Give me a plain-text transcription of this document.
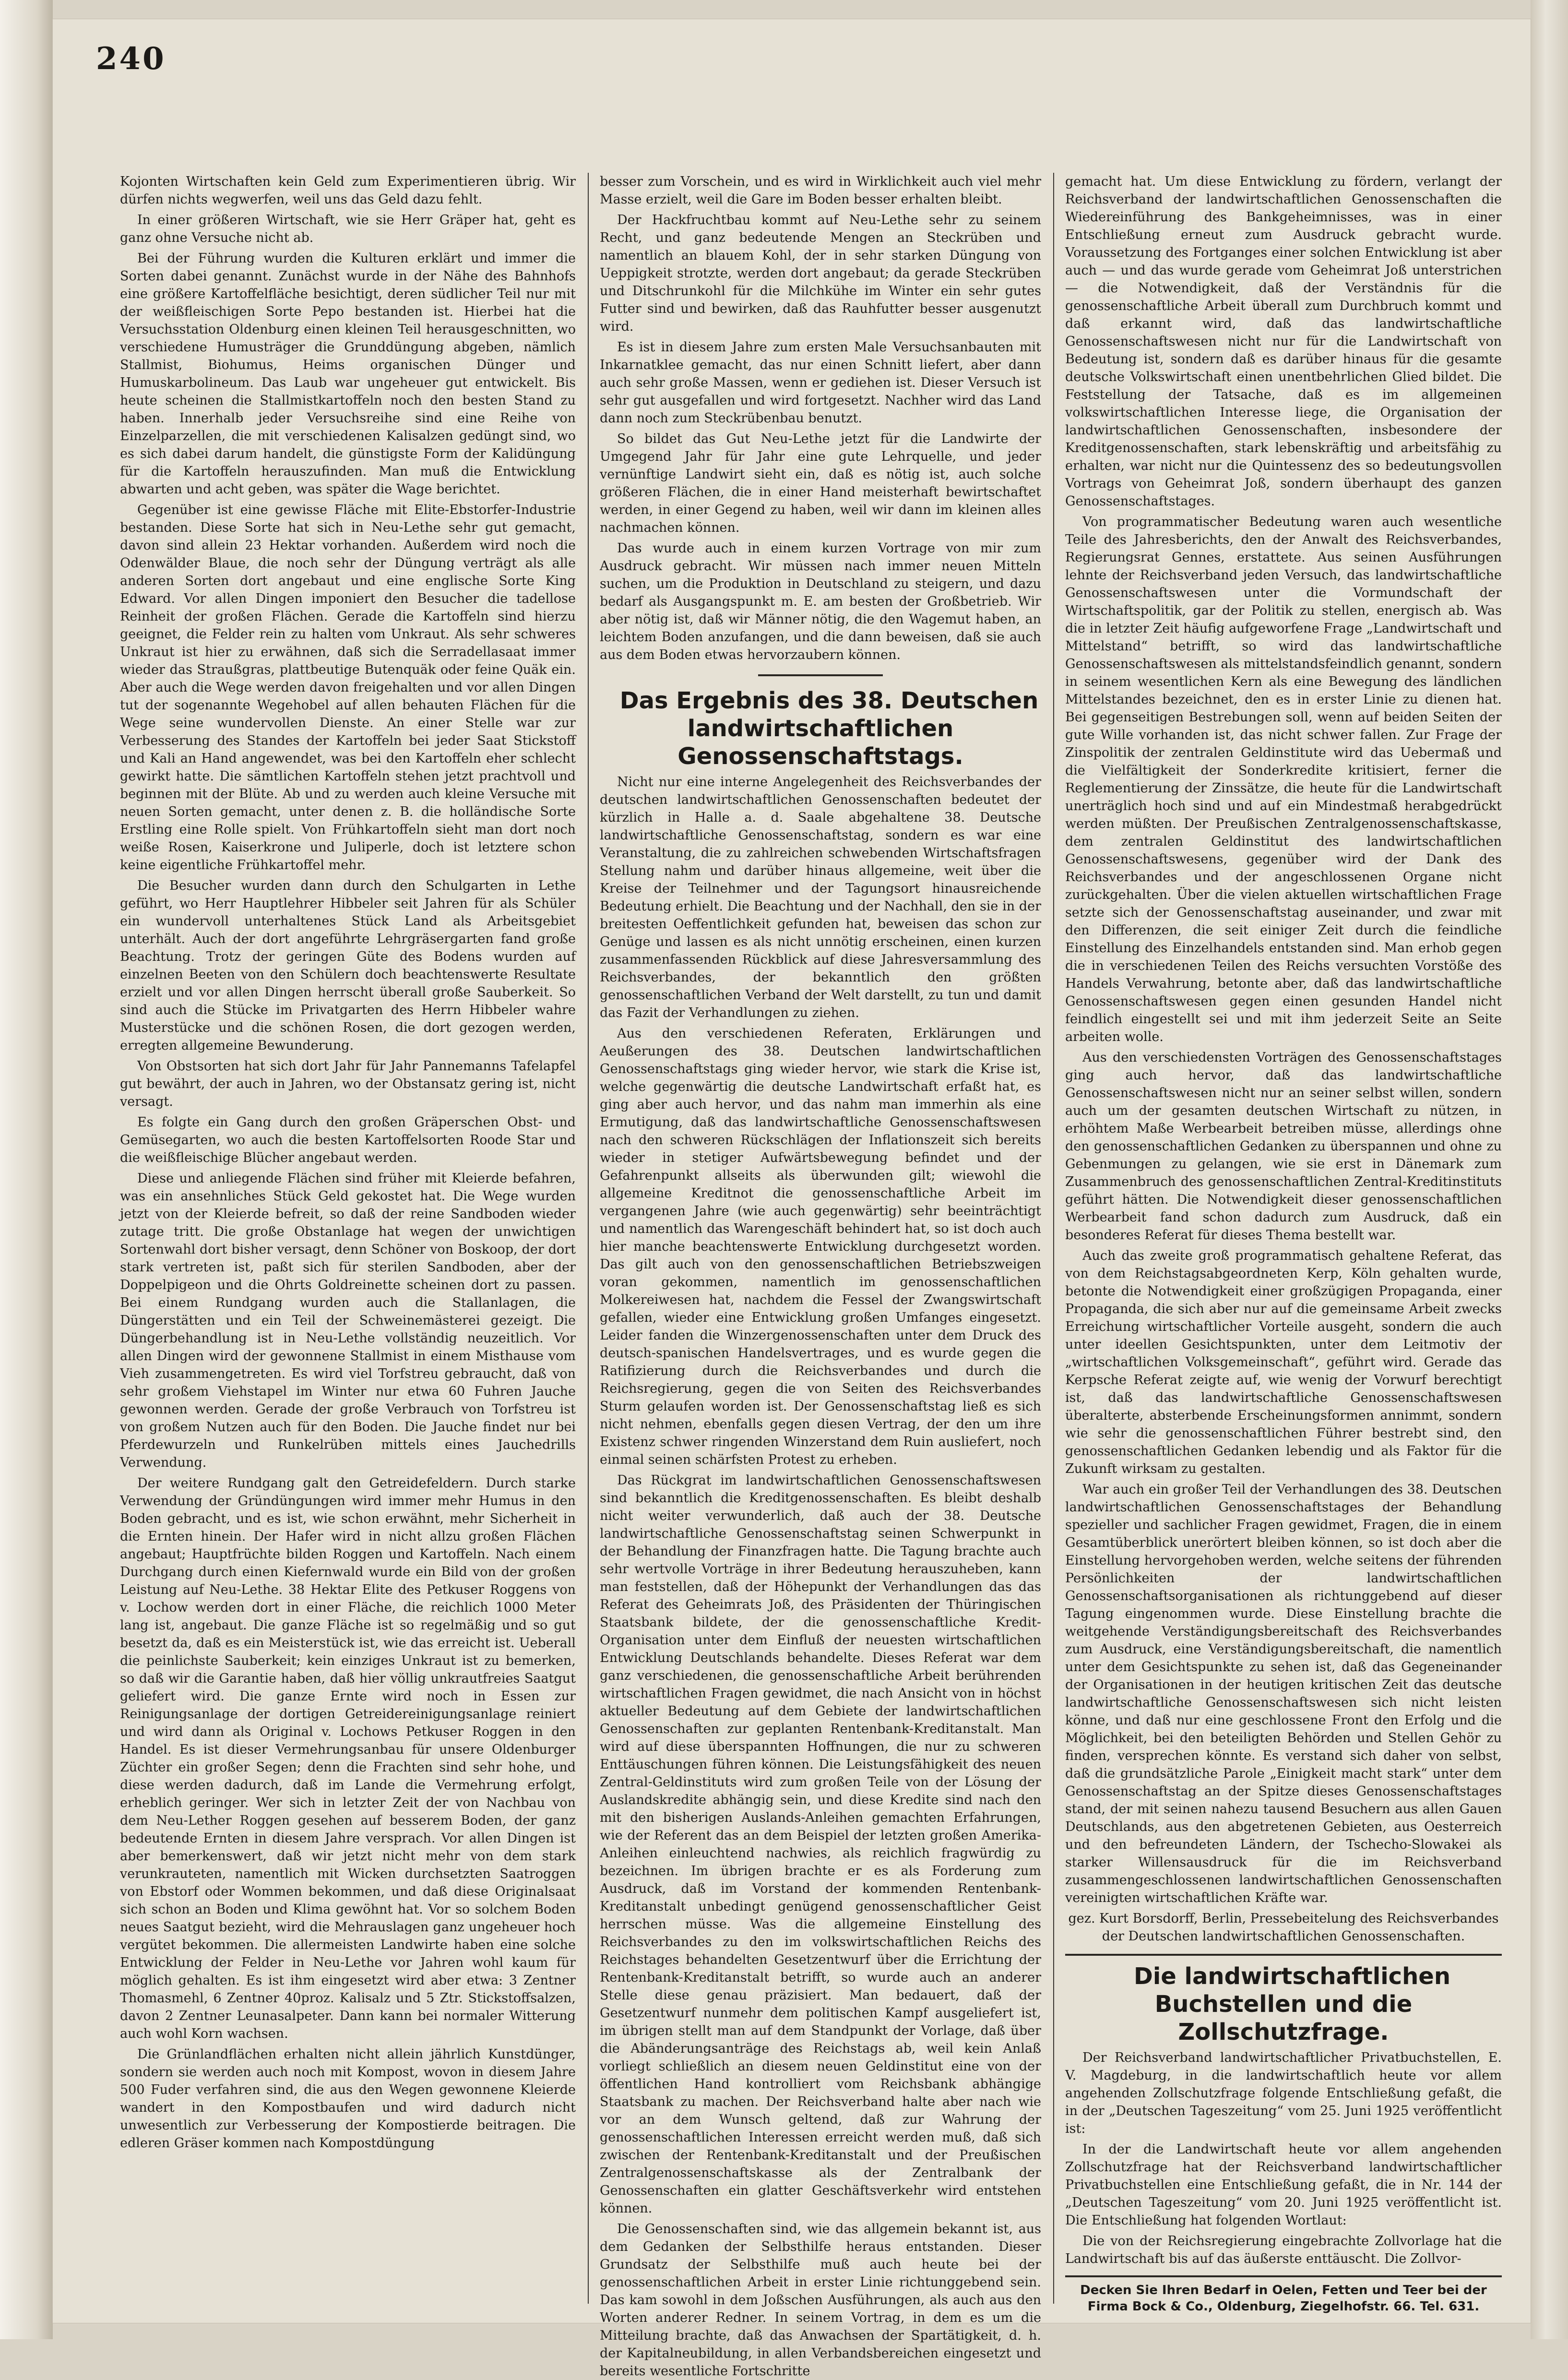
240

Kojonten Wirtschaften kein Geld zum Experimentieren übrig. Wir dürfen nichts wegwerfen, weil uns das Geld dazu fehlt.

In einer größeren Wirtschaft, wie sie Herr Gräper hat, geht es ganz ohne Versuche nicht ab.

Bei der Führung wurden die Kulturen erklärt und immer die Sorten dabei genannt. Zunächst wurde in der Nähe des Bahnhofs eine größere Kartoffelfläche besichtigt, deren südlicher Teil nur mit der weißfleischigen Sorte Pepo bestanden ist. Hierbei hat die Versuchsstation Oldenburg einen kleinen Teil herausgeschnitten, wo verschiedene Humusträger die Grunddüngung abgeben, nämlich Stallmist, Biohumus, Heims organischen Dünger und Humuskarbolineum. Das Laub war ungeheuer gut entwickelt. Bis heute scheinen die Stallmistkartoffeln noch den besten Stand zu haben. Innerhalb jeder Versuchsreihe sind eine Reihe von Einzelparzellen, die mit verschiedenen Kalisalzen gedüngt sind, wo es sich dabei darum handelt, die günstigste Form der Kalidüngung für die Kartoffeln herauszufinden. Man muß die Entwicklung abwarten und acht geben, was später die Wage berichtet.

Gegenüber ist eine gewisse Fläche mit Elite-Ebstorfer-Industrie bestanden. Diese Sorte hat sich in Neu-Lethe sehr gut gemacht, davon sind allein 23 Hektar vorhanden. Außerdem wird noch die Odenwälder Blaue, die noch sehr der Düngung verträgt als alle anderen Sorten dort angebaut und eine englische Sorte King Edward. Vor allen Dingen imponiert den Besucher die tadellose Reinheit der großen Flächen. Gerade die Kartoffeln sind hierzu geeignet, die Felder rein zu halten vom Unkraut. Als sehr schweres Unkraut ist hier zu erwähnen, daß sich die Serradellasaat immer wieder das Straußgras, plattbeutige Butenquäk oder feine Quäk ein. Aber auch die Wege werden davon freigehalten und vor allen Dingen tut der sogenannte Wegehobel auf allen behauten Flächen für die Wege seine wundervollen Dienste. An einer Stelle war zur Verbesserung des Standes der Kartoffeln bei jeder Saat Stickstoff und Kali an Hand angewendet, was bei den Kartoffeln eher schlecht gewirkt hatte. Die sämtlichen Kartoffeln stehen jetzt prachtvoll und beginnen mit der Blüte. Ab und zu werden auch kleine Versuche mit neuen Sorten gemacht, unter denen z. B. die holländische Sorte Erstling eine Rolle spielt. Von Frühkartoffeln sieht man dort noch weiße Rosen, Kaiserkrone und Juliperle, doch ist letztere schon keine eigentliche Frühkartoffel mehr.

Die Besucher wurden dann durch den Schulgarten in Lethe geführt, wo Herr Hauptlehrer Hibbeler seit Jahren für als Schüler ein wundervoll unterhaltenes Stück Land als Arbeitsgebiet unterhält. Auch der dort angeführte Lehrgräsergarten fand große Beachtung. Trotz der geringen Güte des Bodens wurden auf einzelnen Beeten von den Schülern doch beachtenswerte Resultate erzielt und vor allen Dingen herrscht überall große Sauberkeit. So sind auch die Stücke im Privatgarten des Herrn Hibbeler wahre Musterstücke und die schönen Rosen, die dort gezogen werden, erregten allgemeine Bewunderung.

Von Obstsorten hat sich dort Jahr für Jahr Pannemanns Tafelapfel gut bewährt, der auch in Jahren, wo der Obstansatz gering ist, nicht versagt.

Es folgte ein Gang durch den großen Gräperschen Obst- und Gemüsegarten, wo auch die besten Kartoffelsorten Roode Star und die weißfleischige Blücher angebaut werden.

Diese und anliegende Flächen sind früher mit Kleierde befahren, was ein ansehnliches Stück Geld gekostet hat. Die Wege wurden jetzt von der Kleierde befreit, so daß der reine Sandboden wieder zutage tritt. Die große Obstanlage hat wegen der unwichtigen Sortenwahl dort bisher versagt, denn Schöner von Boskoop, der dort stark vertreten ist, paßt sich für sterilen Sandboden, aber der Doppelpigeon und die Ohrts Goldreinette scheinen dort zu passen. Bei einem Rundgang wurden auch die Stallanlagen, die Düngerstätten und ein Teil der Schweinemästerei gezeigt. Die Düngerbehandlung ist in Neu-Lethe vollständig neuzeitlich. Vor allen Dingen wird der gewonnene Stallmist in einem Misthause vom Vieh zusammengetreten. Es wird viel Torfstreu gebraucht, daß von sehr großem Viehstapel im Winter nur etwa 60 Fuhren Jauche gewonnen werden. Gerade der große Verbrauch von Torfstreu ist von großem Nutzen auch für den Boden. Die Jauche findet nur bei Pferdewurzeln und Runkelrüben mittels eines Jauchedrills Verwendung.

Der weitere Rundgang galt den Getreidefeldern. Durch starke Verwendung der Gründüngungen wird immer mehr Humus in den Boden gebracht, und es ist, wie schon erwähnt, mehr Sicherheit in die Ernten hinein. Der Hafer wird in nicht allzu großen Flächen angebaut; Hauptfrüchte bilden Roggen und Kartoffeln. Nach einem Durchgang durch einen Kiefernwald wurde ein Bild von der großen Leistung auf Neu-Lethe. 38 Hektar Elite des Petkuser Roggens von v. Lochow werden dort in einer Fläche, die reichlich 1000 Meter lang ist, angebaut. Die ganze Fläche ist so regelmäßig und so gut besetzt da, daß es ein Meisterstück ist, wie das erreicht ist. Ueberall die peinlichste Sauberkeit; kein einziges Unkraut ist zu bemerken, so daß wir die Garantie haben, daß hier völlig unkrautfreies Saatgut geliefert wird. Die ganze Ernte wird noch in Essen zur Reinigungsanlage der dortigen Getreidereinigungsanlage reiniert und wird dann als Original v. Lochows Petkuser Roggen in den Handel. Es ist dieser Vermehrungsanbau für unsere Oldenburger Züchter ein großer Segen; denn die Frachten sind sehr hohe, und diese werden dadurch, daß im Lande die Vermehrung erfolgt, erheblich geringer. Wer sich in letzter Zeit der von Nachbau von dem Neu-Lether Roggen gesehen auf besserem Boden, der ganz bedeutende Ernten in diesem Jahre versprach. Vor allen Dingen ist aber bemerkenswert, daß wir jetzt nicht mehr von dem stark verunkrauteten, namentlich mit Wicken durchsetzten Saatroggen von Ebstorf oder Wommen bekommen, und daß diese Originalsaat sich schon an Boden und Klima gewöhnt hat. Vor so solchem Boden neues Saatgut bezieht, wird die Mehrauslagen ganz ungeheuer hoch vergütet bekommen. Die allermeisten Landwirte haben eine solche Entwicklung der Felder in Neu-Lethe vor Jahren wohl kaum für möglich gehalten. Es ist ihm eingesetzt wird aber etwa: 3 Zentner Thomasmehl, 6 Zentner 40proz. Kalisalz und 5 Ztr. Stickstoffsalzen, davon 2 Zentner Leunasalpeter. Dann kann bei normaler Witterung auch wohl Korn wachsen.

Die Grünlandflächen erhalten nicht allein jährlich Kunstdünger, sondern sie werden auch noch mit Kompost, wovon in diesem Jahre 500 Fuder verfahren sind, die aus den Wegen gewonnene Kleierde wandert in den Kompostbaufen und wird dadurch nicht unwesentlich zur Verbesserung der Kompostierde beitragen. Die edleren Gräser kommen nach Kompostdüngung

besser zum Vorschein, und es wird in Wirklichkeit auch viel mehr Masse erzielt, weil die Gare im Boden besser erhalten bleibt.

Der Hackfruchtbau kommt auf Neu-Lethe sehr zu seinem Recht, und ganz bedeutende Mengen an Steckrüben und namentlich an blauem Kohl, der in sehr starken Düngung von Ueppigkeit strotzte, werden dort angebaut; da gerade Steckrüben und Ditschrunkohl für die Milchkühe im Winter ein sehr gutes Futter sind und bewirken, daß das Rauhfutter besser ausgenutzt wird.

Es ist in diesem Jahre zum ersten Male Versuchsanbauten mit Inkarnatklee gemacht, das nur einen Schnitt liefert, aber dann auch sehr große Massen, wenn er gediehen ist. Dieser Versuch ist sehr gut ausgefallen und wird fortgesetzt. Nachher wird das Land dann noch zum Steckrübenbau benutzt.

So bildet das Gut Neu-Lethe jetzt für die Landwirte der Umgegend Jahr für Jahr eine gute Lehrquelle, und jeder vernünftige Landwirt sieht ein, daß es nötig ist, auch solche größeren Flächen, die in einer Hand meisterhaft bewirtschaftet werden, in einer Gegend zu haben, weil wir dann im kleinen alles nachmachen können.

Das wurde auch in einem kurzen Vortrage von mir zum Ausdruck gebracht. Wir müssen nach immer neuen Mitteln suchen, um die Produktion in Deutschland zu steigern, und dazu bedarf als Ausgangspunkt m. E. am besten der Großbetrieb. Wir aber nötig ist, daß wir Männer nötig, die den Wagemut haben, an leichtem Boden anzufangen, und die dann beweisen, daß sie auch aus dem Boden etwas hervorzaubern können.

Das Ergebnis des 38. Deutschen landwirtschaftlichen Genossenschaftstags.

Nicht nur eine interne Angelegenheit des Reichsverbandes der deutschen landwirtschaftlichen Genossenschaften bedeutet der kürzlich in Halle a. d. Saale abgehaltene 38. Deutsche landwirtschaftliche Genossenschaftstag, sondern es war eine Veranstaltung, die zu zahlreichen schwebenden Wirtschaftsfragen Stellung nahm und darüber hinaus allgemeine, weit über die Kreise der Teilnehmer und der Tagungsort hinausreichende Bedeutung erhielt. Die Beachtung und der Nachhall, den sie in der breitesten Oeffentlichkeit gefunden hat, beweisen das schon zur Genüge und lassen es als nicht unnötig erscheinen, einen kurzen zusammenfassenden Rückblick auf diese Jahresversammlung des Reichsverbandes, der bekanntlich den größten genossenschaftlichen Verband der Welt darstellt, zu tun und damit das Fazit der Verhandlungen zu ziehen.

Aus den verschiedenen Referaten, Erklärungen und Aeußerungen des 38. Deutschen landwirtschaftlichen Genossenschaftstags ging wieder hervor, wie stark die Krise ist, welche gegenwärtig die deutsche Landwirtschaft erfaßt hat, es ging aber auch hervor, und das nahm man immerhin als eine Ermutigung, daß das landwirtschaftliche Genossenschaftswesen nach den schweren Rückschlägen der Inflationszeit sich bereits wieder in stetiger Aufwärtsbewegung befindet und der Gefahrenpunkt allseits als überwunden gilt; wiewohl die allgemeine Kreditnot die genossenschaftliche Arbeit im vergangenen Jahre (wie auch gegenwärtig) sehr beeinträchtigt und namentlich das Warengeschäft behindert hat, so ist doch auch hier manche beachtenswerte Entwicklung durchgesetzt worden. Das gilt auch von den genossenschaftlichen Betriebszweigen voran gekommen, namentlich im genossenschaftlichen Molkereiwesen hat, nachdem die Fessel der Zwangswirtschaft gefallen, wieder eine Entwicklung großen Umfanges eingesetzt. Leider fanden die Winzergenossenschaften unter dem Druck des deutsch-spanischen Handelsvertrages, und es wurde gegen die Ratifizierung durch die Reichsverbandes und durch die Reichsregierung, gegen die von Seiten des Reichsverbandes Sturm gelaufen worden ist. Der Genossenschaftstag ließ es sich nicht nehmen, ebenfalls gegen diesen Vertrag, der den um ihre Existenz schwer ringenden Winzerstand dem Ruin ausliefert, noch einmal seinen schärfsten Protest zu erheben.

Das Rückgrat im landwirtschaftlichen Genossenschaftswesen sind bekanntlich die Kreditgenossenschaften. Es bleibt deshalb nicht weiter verwunderlich, daß auch der 38. Deutsche landwirtschaftliche Genossenschaftstag seinen Schwerpunkt in der Behandlung der Finanzfragen hatte. Die Tagung brachte auch sehr wertvolle Vorträge in ihrer Bedeutung herauszuheben, kann man feststellen, daß der Höhepunkt der Verhandlungen das das Referat des Geheimrats Joß, des Präsidenten der Thüringischen Staatsbank bildete, der die genossenschaftliche Kredit-Organisation unter dem Einfluß der neuesten wirtschaftlichen Entwicklung Deutschlands behandelte. Dieses Referat war dem ganz verschiedenen, die genossenschaftliche Arbeit berührenden wirtschaftlichen Fragen gewidmet, die nach Ansicht von in höchst aktueller Bedeutung auf dem Gebiete der landwirtschaftlichen Genossenschaften zur geplanten Rentenbank-Kreditanstalt. Man wird auf diese überspannten Hoffnungen, die nur zu schweren Enttäuschungen führen können. Die Leistungsfähigkeit des neuen Zentral-Geldinstituts wird zum großen Teile von der Lösung der Auslandskredite abhängig sein, und diese Kredite sind nach den mit den bisherigen Auslands-Anleihen gemachten Erfahrungen, wie der Referent das an dem Beispiel der letzten großen Amerika-Anleihen einleuchtend nachwies, als reichlich fragwürdig zu bezeichnen. Im übrigen brachte er es als Forderung zum Ausdruck, daß im Vorstand der kommenden Rentenbank-Kreditanstalt unbedingt genügend genossenschaftlicher Geist herrschen müsse. Was die allgemeine Einstellung des Reichsverbandes zu den im volkswirtschaftlichen Reichs des Reichstages behandelten Gesetzentwurf über die Errichtung der Rentenbank-Kreditanstalt betrifft, so wurde auch an anderer Stelle diese genau präzisiert. Man bedauert, daß der Gesetzentwurf nunmehr dem politischen Kampf ausgeliefert ist, im übrigen stellt man auf dem Standpunkt der Vorlage, daß über die Abänderungsanträge des Reichstags ab, weil kein Anlaß vorliegt schließlich an diesem neuen Geldinstitut eine von der öffentlichen Hand kontrolliert vom Reichsbank abhängige Staatsbank zu machen. Der Reichsverband halte aber nach wie vor an dem Wunsch geltend, daß zur Wahrung der genossenschaftlichen Interessen erreicht werden muß, daß sich zwischen der Rentenbank-Kreditanstalt und der Preußischen Zentralgenossenschaftskasse als der Zentralbank der Genossenschaften ein glatter Geschäftsverkehr wird entstehen können.

Die Genossenschaften sind, wie das allgemein bekannt ist, aus dem Gedanken der Selbsthilfe heraus entstanden. Dieser Grundsatz der Selbsthilfe muß auch heute bei der genossenschaftlichen Arbeit in erster Linie richtunggebend sein. Das kam sowohl in dem Joßschen Ausführungen, als auch aus den Worten anderer Redner. In seinem Vortrag, in dem es um die Mitteilung brachte, daß das Anwachsen der Spartätigkeit, d. h. der Kapitalneubildung, in allen Verbandsbereichen eingesetzt und bereits wesentliche Fortschritte

gemacht hat. Um diese Entwicklung zu fördern, verlangt der Reichsverband der landwirtschaftlichen Genossenschaften die Wiedereinführung des Bankgeheimnisses, was in einer Entschließung erneut zum Ausdruck gebracht wurde. Voraussetzung des Fortganges einer solchen Entwicklung ist aber auch — und das wurde gerade vom Geheimrat Joß unterstrichen — die Notwendigkeit, daß der Verständnis für die genossenschaftliche Arbeit überall zum Durchbruch kommt und daß erkannt wird, daß das landwirtschaftliche Genossenschaftswesen nicht nur für die Landwirtschaft von Bedeutung ist, sondern daß es darüber hinaus für die gesamte deutsche Volkswirtschaft einen unentbehrlichen Glied bildet. Die Feststellung der Tatsache, daß es im allgemeinen volkswirtschaftlichen Interesse liege, die Organisation der landwirtschaftlichen Genossenschaften, insbesondere der Kreditgenossenschaften, stark lebenskräftig und arbeitsfähig zu erhalten, war nicht nur die Quintessenz des so bedeutungsvollen Vortrags von Geheimrat Joß, sondern überhaupt des ganzen Genossenschaftstages.

Von programmatischer Bedeutung waren auch wesentliche Teile des Jahresberichts, den der Anwalt des Reichsverbandes, Regierungsrat Gennes, erstattete. Aus seinen Ausführungen lehnte der Reichsverband jeden Versuch, das landwirtschaftliche Genossenschaftswesen unter die Vormundschaft der Wirtschaftspolitik, gar der Politik zu stellen, energisch ab. Was die in letzter Zeit häufig aufgeworfene Frage „Landwirtschaft und Mittelstand“ betrifft, so wird das landwirtschaftliche Genossenschaftswesen als mittelstandsfeindlich genannt, sondern in seinem wesentlichen Kern als eine Bewegung des ländlichen Mittelstandes bezeichnet, den es in erster Linie zu dienen hat. Bei gegenseitigen Bestrebungen soll, wenn auf beiden Seiten der gute Wille vorhanden ist, das nicht schwer fallen. Zur Frage der Zinspolitik der zentralen Geldinstitute wird das Uebermaß und die Vielfältigkeit der Sonderkredite kritisiert, ferner die Reglementierung der Zinssätze, die heute für die Landwirtschaft unerträglich hoch sind und auf ein Mindestmaß herabgedrückt werden müßten. Der Preußischen Zentralgenossenschaftskasse, dem zentralen Geldinstitut des landwirtschaftlichen Genossenschaftswesens, gegenüber wird der Dank des Reichsverbandes und der angeschlossenen Organe nicht zurückgehalten. Über die vielen aktuellen wirtschaftlichen Frage setzte sich der Genossenschaftstag auseinander, und zwar mit den Differenzen, die seit einiger Zeit durch die feindliche Einstellung des Einzelhandels entstanden sind. Man erhob gegen die in verschiedenen Teilen des Reichs versuchten Vorstöße des Handels Verwahrung, betonte aber, daß das landwirtschaftliche Genossenschaftswesen gegen einen gesunden Handel nicht feindlich eingestellt sei und mit ihm jederzeit Seite an Seite arbeiten wolle.

Aus den verschiedensten Vorträgen des Genossenschaftstages ging auch hervor, daß das landwirtschaftliche Genossenschaftswesen nicht nur an seiner selbst willen, sondern auch um der gesamten deutschen Wirtschaft zu nützen, in erhöhtem Maße Werbearbeit betreiben müsse, allerdings ohne den genossenschaftlichen Gedanken zu überspannen und ohne zu Gebenmungen zu gelangen, wie sie erst in Dänemark zum Zusammenbruch des genossenschaftlichen Zentral-Kreditinstituts geführt hätten. Die Notwendigkeit dieser genossenschaftlichen Werbearbeit fand schon dadurch zum Ausdruck, daß ein besonderes Referat für dieses Thema bestellt war.

Auch das zweite groß programmatisch gehaltene Referat, das von dem Reichstagsabgeordneten Kerp, Köln gehalten wurde, betonte die Notwendigkeit einer großzügigen Propaganda, einer Propaganda, die sich aber nur auf die gemeinsame Arbeit zwecks Erreichung wirtschaftlicher Vorteile ausgeht, sondern die auch unter ideellen Gesichtspunkten, unter dem Leitmotiv der „wirtschaftlichen Volksgemeinschaft“, geführt wird. Gerade das Kerpsche Referat zeigte auf, wie wenig der Vorwurf berechtigt ist, daß das landwirtschaftliche Genossenschaftswesen überalterte, absterbende Erscheinungsformen annimmt, sondern wie sehr die genossenschaftlichen Führer bestrebt sind, den genossenschaftlichen Gedanken lebendig und als Faktor für die Zukunft wirksam zu gestalten.

War auch ein großer Teil der Verhandlungen des 38. Deutschen landwirtschaftlichen Genossenschaftstages der Behandlung spezieller und sachlicher Fragen gewidmet, Fragen, die in einem Gesamtüberblick unerörtert bleiben können, so ist doch aber die Einstellung hervorgehoben werden, welche seitens der führenden Persönlichkeiten der landwirtschaftlichen Genossenschaftsorganisationen als richtunggebend auf dieser Tagung eingenommen wurde. Diese Einstellung brachte die weitgehende Verständigungsbereitschaft des Reichsverbandes zum Ausdruck, eine Verständigungsbereitschaft, die namentlich unter dem Gesichtspunkte zu sehen ist, daß das Gegeneinander der Organisationen in der heutigen kritischen Zeit das deutsche landwirtschaftliche Genossenschaftswesen sich nicht leisten könne, und daß nur eine geschlossene Front den Erfolg und die Möglichkeit, bei den beteiligten Behörden und Stellen Gehör zu finden, versprechen könnte. Es verstand sich daher von selbst, daß die grundsätzliche Parole „Einigkeit macht stark“ unter dem Genossenschaftstag an der Spitze dieses Genossenschaftstages stand, der mit seinen nahezu tausend Besuchern aus allen Gauen Deutschlands, aus den abgetretenen Gebieten, aus Oesterreich und den befreundeten Ländern, der Tschecho-Slowakei als starker Willensausdruck für die im Reichsverband zusammengeschlossenen landwirtschaftlichen Genossenschaften vereinigten wirtschaftlichen Kräfte war.

gez. Kurt Borsdorff, Berlin, Pressebeitelung des Reichsverbandes der Deutschen landwirtschaftlichen Genossenschaften.

Die landwirtschaftlichen Buchstellen und die Zollschutzfrage.

Der Reichsverband landwirtschaftlicher Privatbuchstellen, E. V. Magdeburg, in die landwirtschaftlich heute vor allem angehenden Zollschutzfrage folgende Entschließung gefaßt, die in der „Deutschen Tageszeitung“ vom 25. Juni 1925 veröffentlicht ist:

In der die Landwirtschaft heute vor allem angehenden Zollschutzfrage hat der Reichsverband landwirtschaftlicher Privatbuchstellen eine Entschließung gefaßt, die in Nr. 144 der „Deutschen Tageszeitung“ vom 20. Juni 1925 veröffentlicht ist. Die Entschließung hat folgenden Wortlaut:

Die von der Reichsregierung eingebrachte Zollvorlage hat die Landwirtschaft bis auf das äußerste enttäuscht. Die Zollvor-

Decken Sie Ihren Bedarf in Oelen, Fetten und Teer bei der Firma Bock & Co., Oldenburg, Ziegelhofstr. 66. Tel. 631.
